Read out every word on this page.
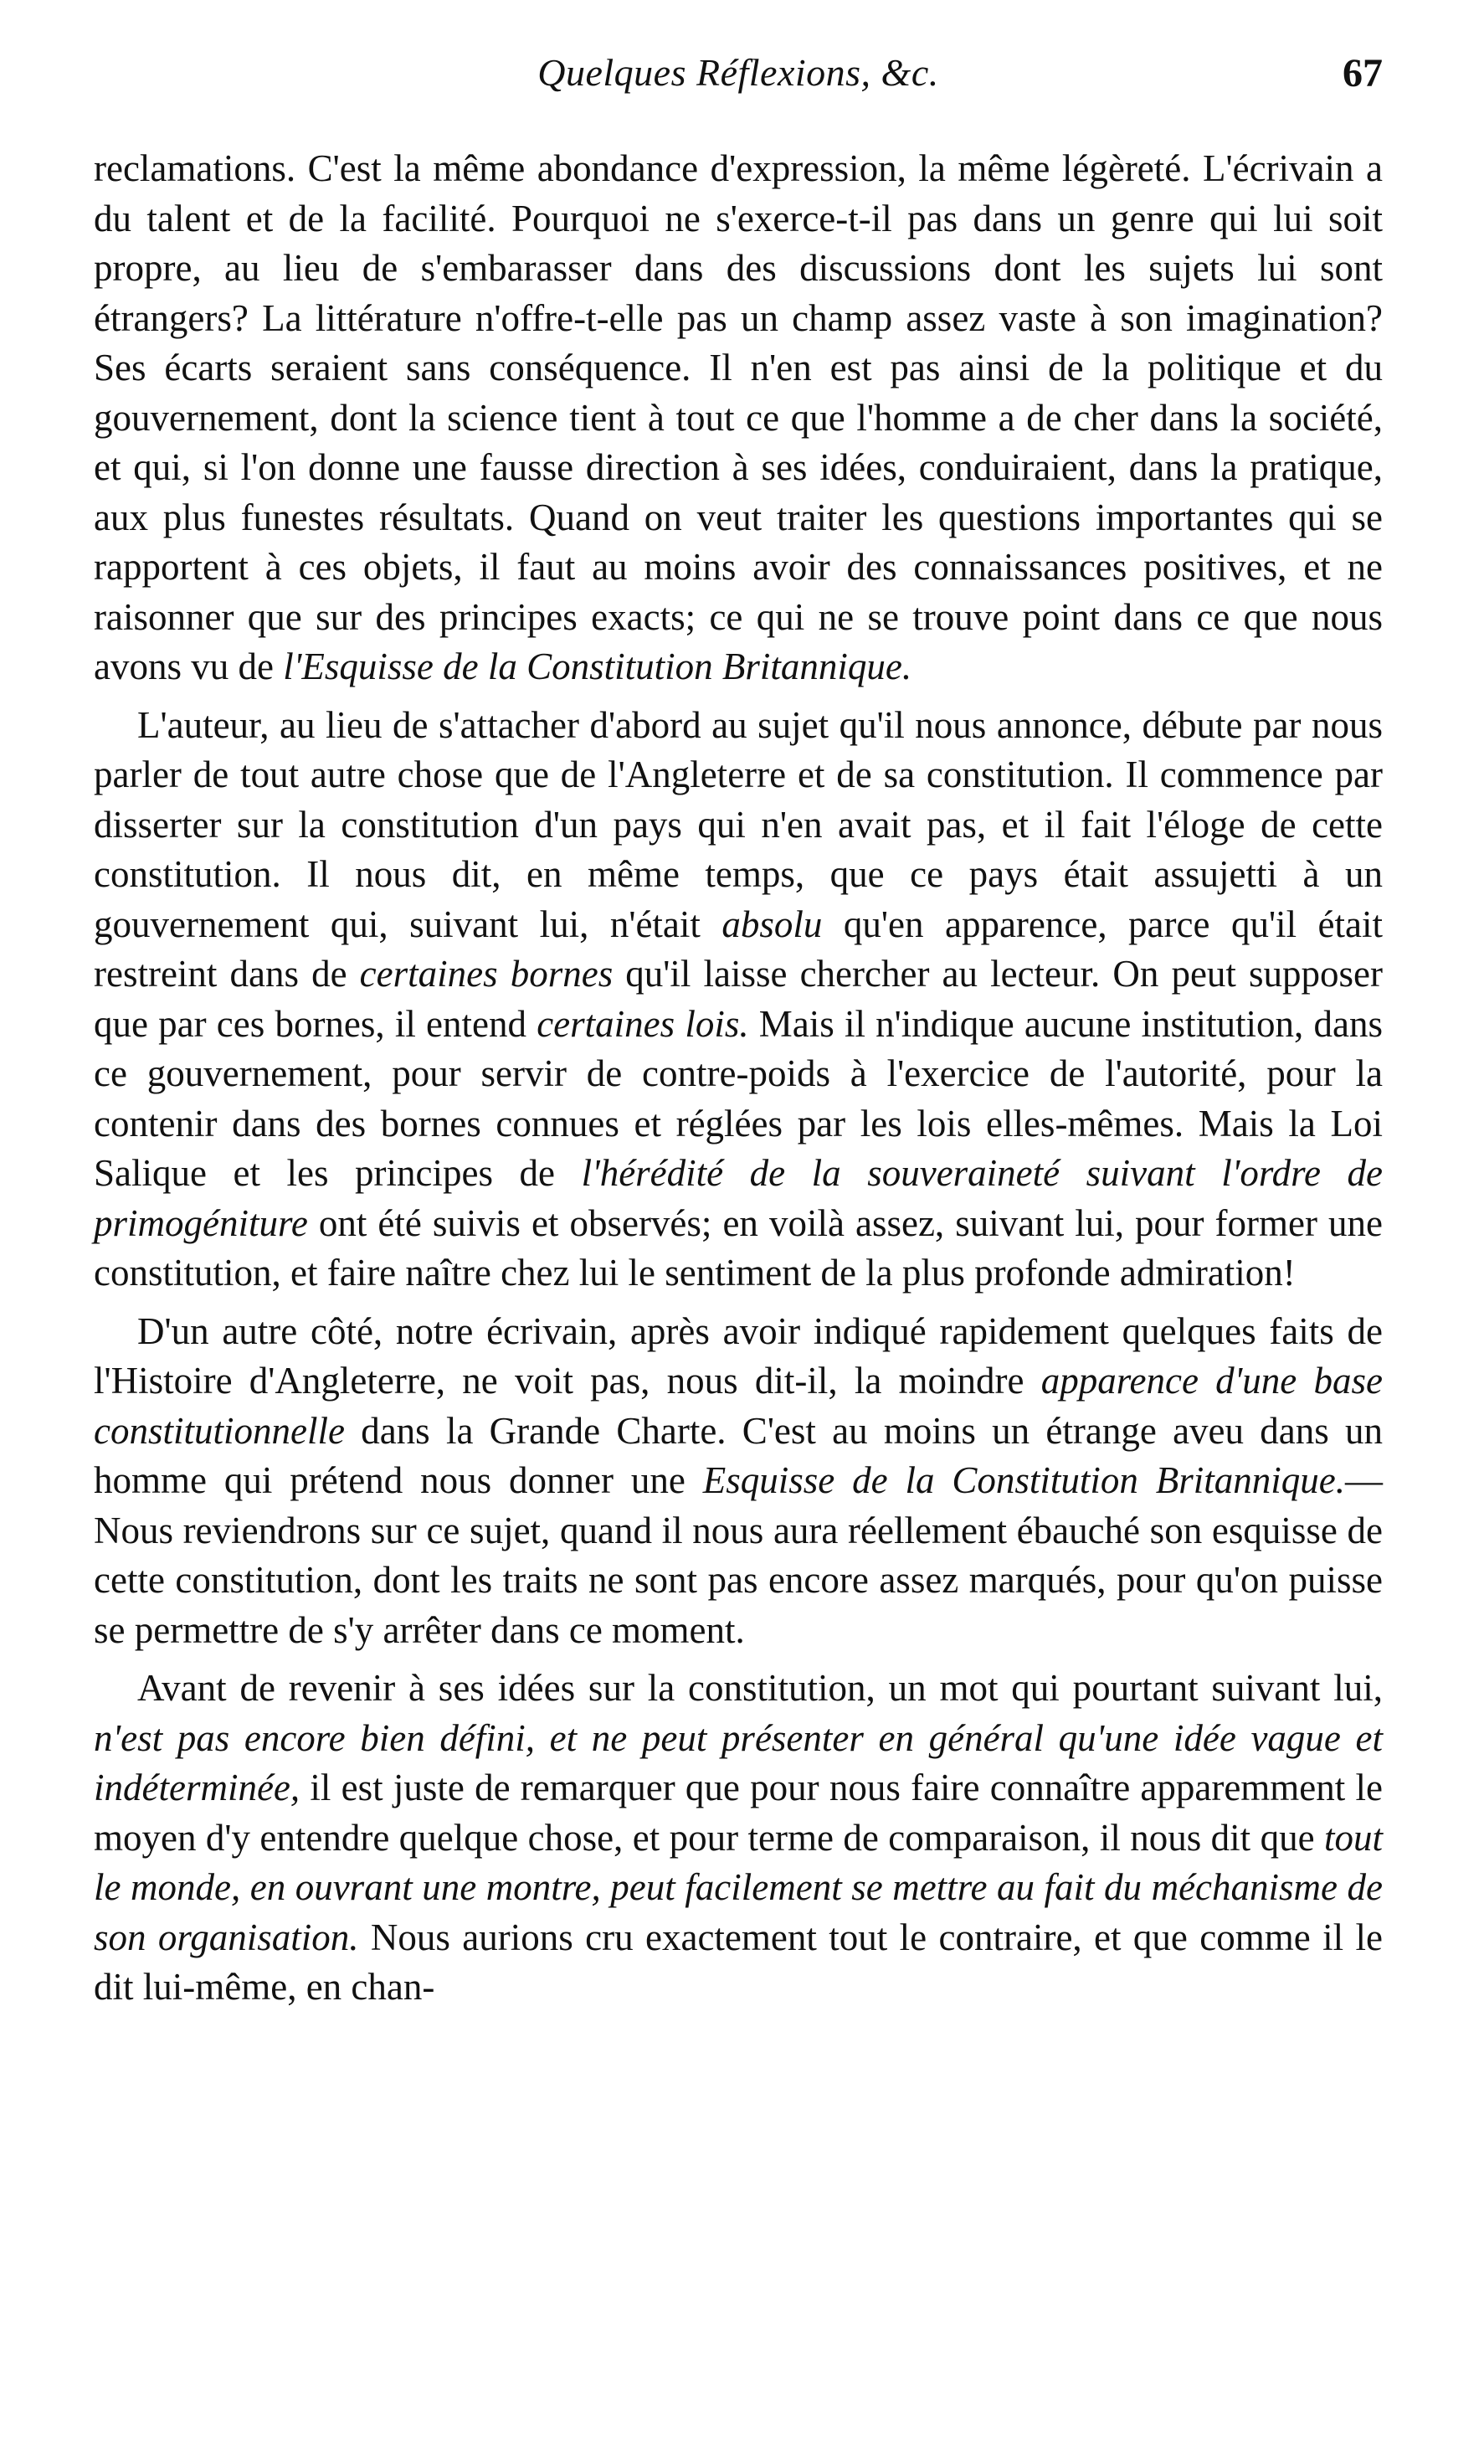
Quelques Réflexions, &c.	67

reclamations. C'est la même abondance d'expression, la même légèreté. L'écrivain a du talent et de la facilité. Pourquoi ne s'exerce-t-il pas dans un genre qui lui soit propre, au lieu de s'embarasser dans des discussions dont les sujets lui sont étrangers? La littérature n'offre-t-elle pas un champ assez vaste à son imagination? Ses écarts seraient sans conséquence. Il n'en est pas ainsi de la politique et du gouvernement, dont la science tient à tout ce que l'homme a de cher dans la société, et qui, si l'on donne une fausse direction à ses idées, conduiraient, dans la pratique, aux plus funestes résultats. Quand on veut traiter les questions importantes qui se rapportent à ces objets, il faut au moins avoir des connaissances positives, et ne raisonner que sur des principes exacts; ce qui ne se trouve point dans ce que nous avons vu de l'Esquisse de la Constitution Britannique.

L'auteur, au lieu de s'attacher d'abord au sujet qu'il nous annonce, débute par nous parler de tout autre chose que de l'Angleterre et de sa constitution. Il commence par disserter sur la constitution d'un pays qui n'en avait pas, et il fait l'éloge de cette constitution. Il nous dit, en même temps, que ce pays était assujetti à un gouvernement qui, suivant lui, n'était absolu qu'en apparence, parce qu'il était restreint dans de certaines bornes qu'il laisse chercher au lecteur. On peut supposer que par ces bornes, il entend certaines lois. Mais il n'indique aucune institution, dans ce gouvernement, pour servir de contre-poids à l'exercice de l'autorité, pour la contenir dans des bornes connues et réglées par les lois elles-mêmes. Mais la Loi Salique et les principes de l'hérédité de la souveraineté suivant l'ordre de primogéniture ont été suivis et observés; en voilà assez, suivant lui, pour former une constitution, et faire naître chez lui le sentiment de la plus profonde admiration!

D'un autre côté, notre écrivain, après avoir indiqué rapidement quelques faits de l'Histoire d'Angleterre, ne voit pas, nous dit-il, la moindre apparence d'une base constitutionnelle dans la Grande Charte. C'est au moins un étrange aveu dans un homme qui prétend nous donner une Esquisse de la Constitution Britannique.— Nous reviendrons sur ce sujet, quand il nous aura réellement ébauché son esquisse de cette constitution, dont les traits ne sont pas encore assez marqués, pour qu'on puisse se permettre de s'y arrêter dans ce moment.

Avant de revenir à ses idées sur la constitution, un mot qui pourtant suivant lui, n'est pas encore bien défini, et ne peut présenter en général qu'une idée vague et indéterminée, il est juste de remarquer que pour nous faire connaître apparemment le moyen d'y entendre quelque chose, et pour terme de comparaison, il nous dit que tout le monde, en ouvrant une montre, peut facilement se mettre au fait du méchanisme de son organisation. Nous aurions cru exactement tout le contraire, et que comme il le dit lui-même, en chan-
